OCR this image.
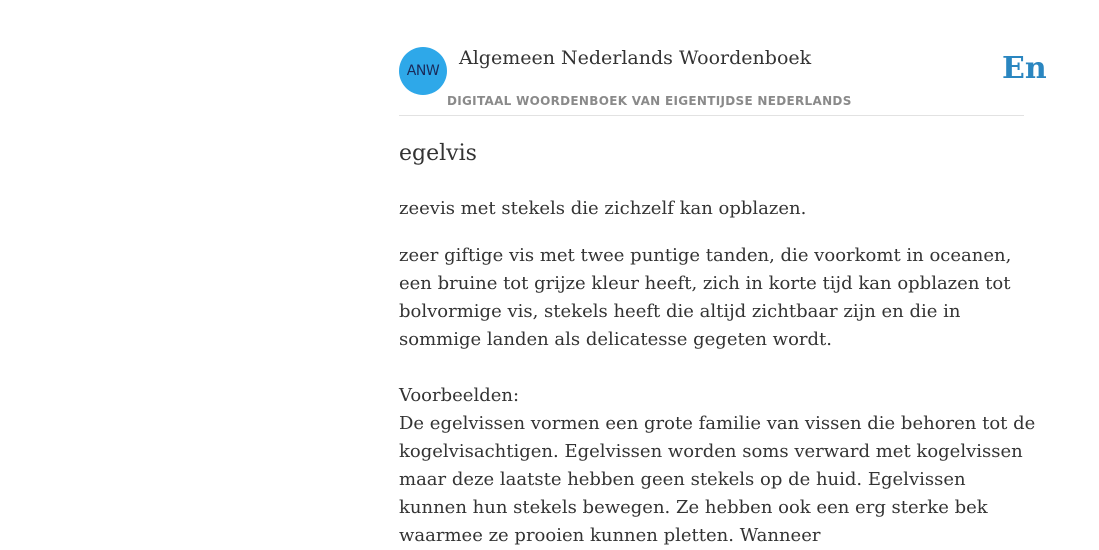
ANW
Algemeen Nederlands Woordenboek
DIGITAAL WOORDENBOEK VAN EIGENTIJDSE NEDERLANDS
En
egelvis

zeevis met stekels die zichzelf kan opblazen.

zeer giftige vis met twee puntige tanden, die voorkomt in oceanen, een bruine tot grijze kleur heeft, zich in korte tijd kan opblazen tot bolvormige vis, stekels heeft die altijd zichtbaar zijn en die in sommige landen als delicatesse gegeten wordt.

Voorbeelden:
De egelvissen vormen een grote familie van vissen die behoren tot de kogelvisachtigen. Egelvissen worden soms verward met kogelvissen maar deze laatste hebben geen stekels op de huid. Egelvissen kunnen hun stekels bewegen. Ze hebben ook een erg sterke bek waarmee ze prooien kunnen pletten. Wanneer
